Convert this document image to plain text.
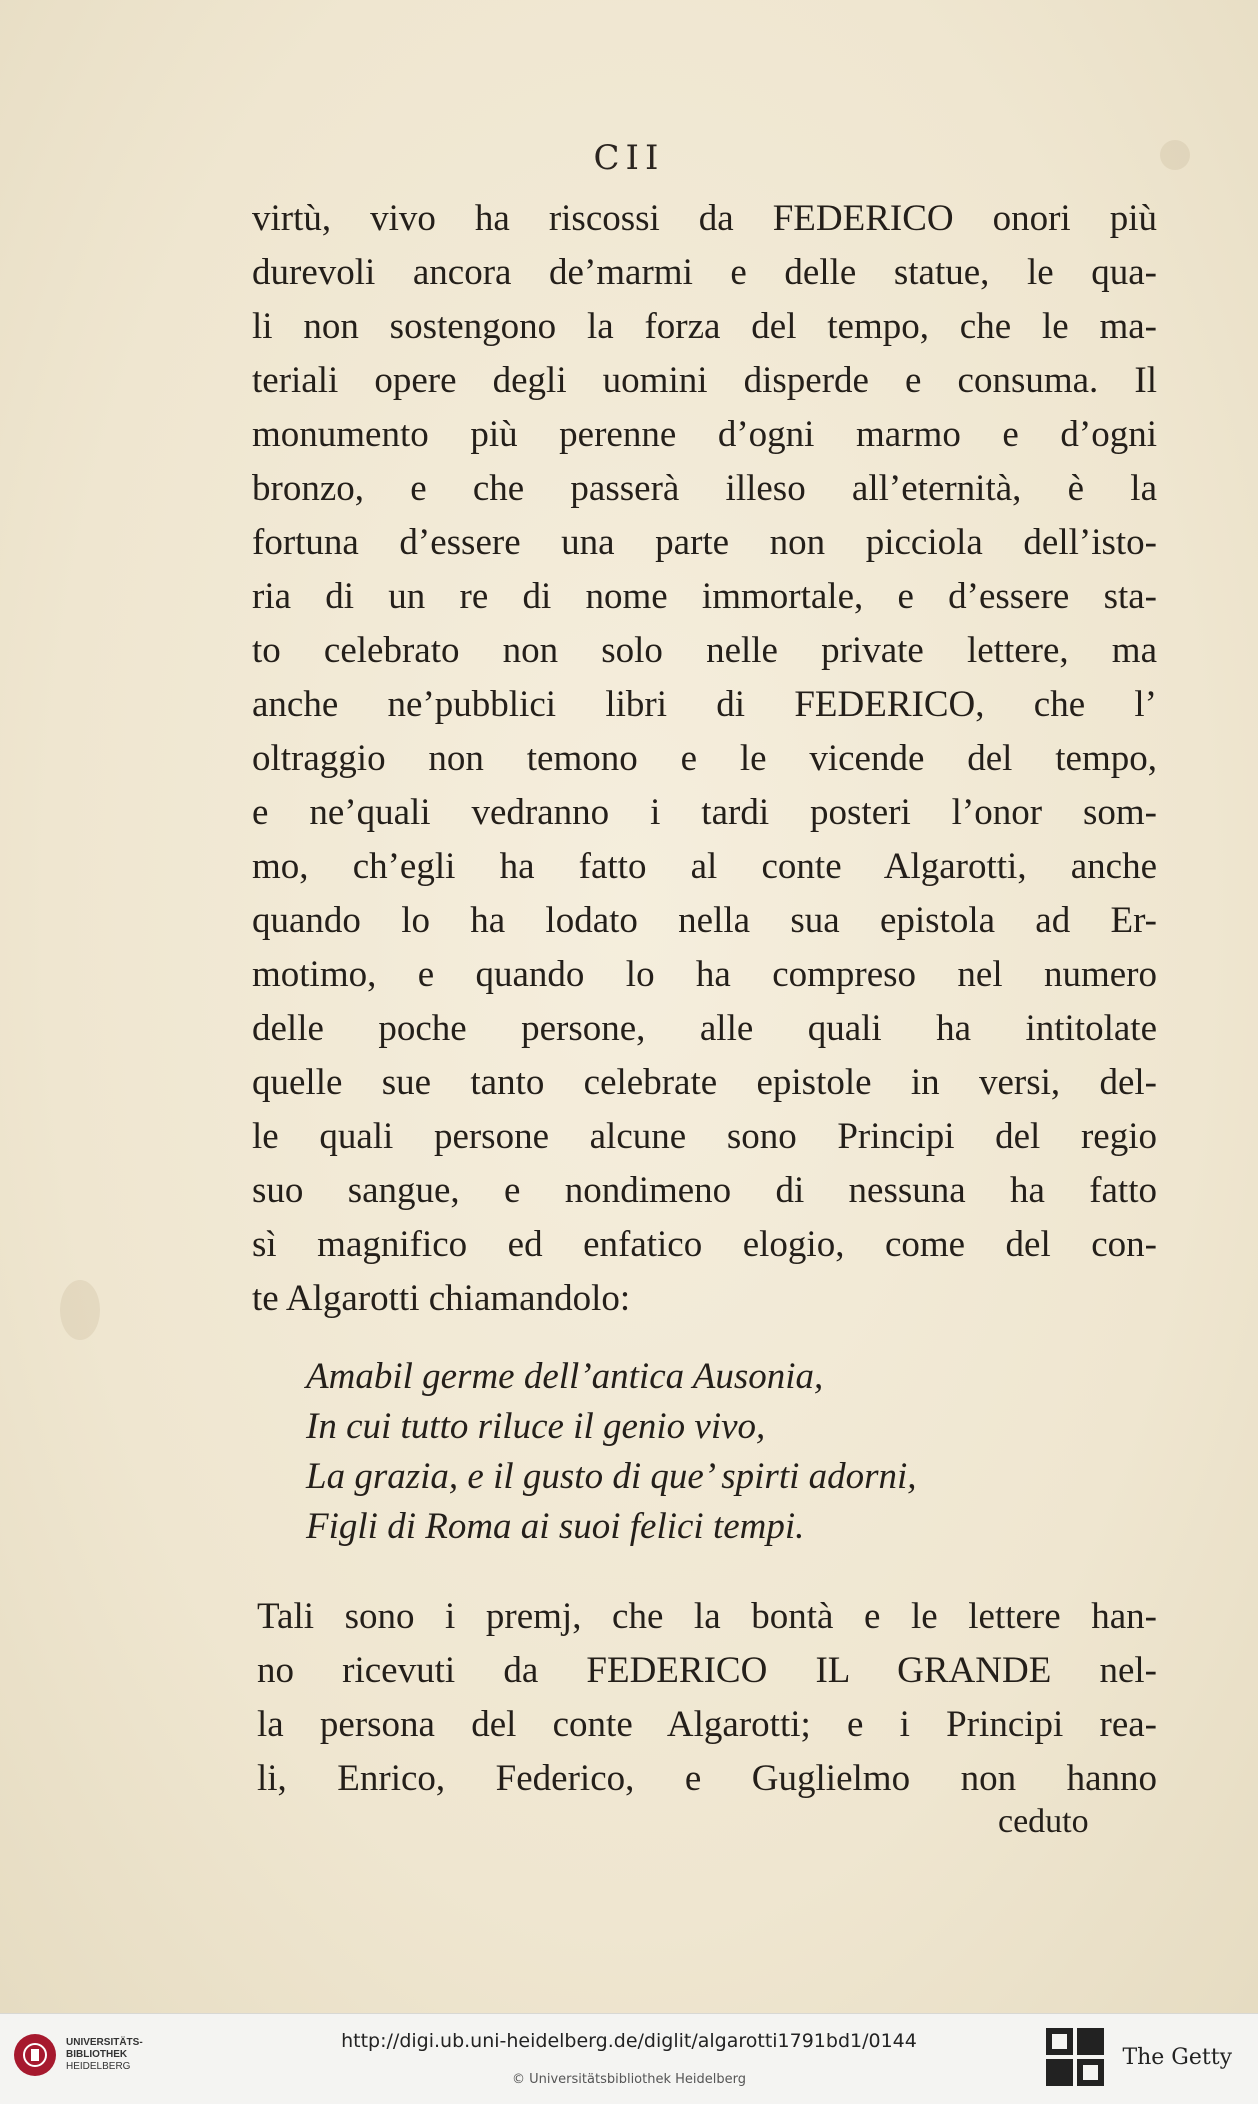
CII
virtù, vivo ha riscossi da FEDERICO onori più
durevoli ancora de’marmi e delle statue, le qua-
li non sostengono la forza del tempo, che le ma-
teriali opere degli uomini disperde e consuma. Il
monumento più perenne d’ogni marmo e d’ogni
bronzo, e che passerà illeso all’eternità, è la
fortuna d’essere una parte non picciola dell’isto-
ria di un re di nome immortale, e d’essere sta-
to celebrato non solo nelle private lettere, ma
anche ne’pubblici libri di FEDERICO, che l’
oltraggio non temono e le vicende del tempo,
e ne’quali vedranno i tardi posteri l’onor som-
mo, ch’egli ha fatto al conte Algarotti, anche
quando lo ha lodato nella sua epistola ad Er-
motimo, e quando lo ha compreso nel numero
delle poche persone, alle quali ha intitolate
quelle sue tanto celebrate epistole in versi, del-
le quali persone alcune sono Principi del regio
suo sangue, e nondimeno di nessuna ha fatto
sì magnifico ed enfatico elogio, come del con-
te Algarotti chiamandolo:
Amabil germe dell’antica Ausonia,
In cui tutto riluce il genio vivo,
La grazia, e il gusto di que’ spirti adorni,
Figli di Roma ai suoi felici tempi.
Tali sono i premj, che la bontà e le lettere han-
no ricevuti da FEDERICO IL GRANDE nel-
la persona del conte Algarotti; e i Principi rea-
li, Enrico, Federico, e Guglielmo non hanno
ceduto
UNIVERSITÄTS-
BIBLIOTHEK
HEIDELBERG
http://digi.ub.uni-heidelberg.de/diglit/algarotti1791bd1/0144
© Universitätsbibliothek Heidelberg
The Getty
